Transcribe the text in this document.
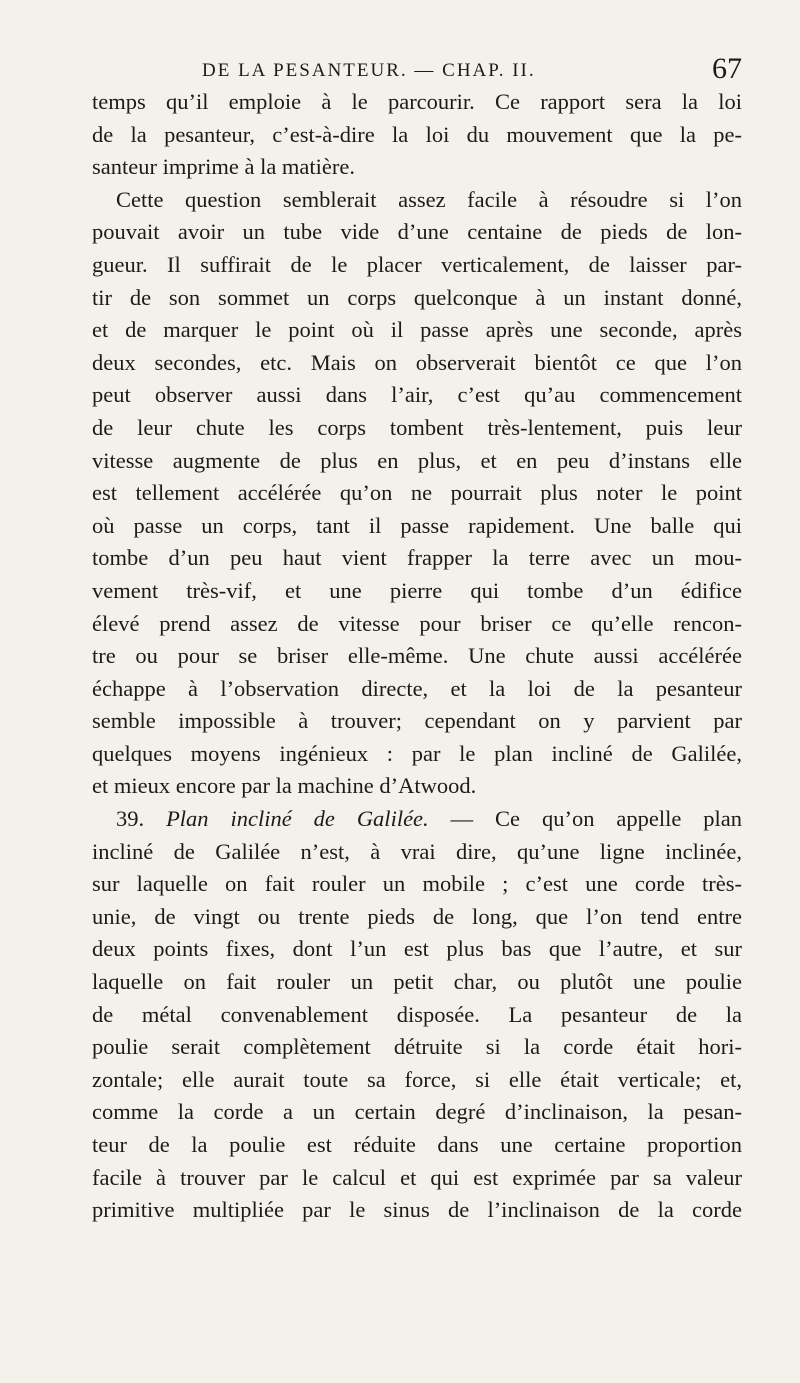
DE LA PESANTEUR. — CHAP. II.	67
temps qu’il emploie à le parcourir. Ce rapport sera la loi
de la pesanteur, c’est-à-dire la loi du mouvement que la pe-
santeur imprime à la matière.
Cette question semblerait assez facile à résoudre si l’on
pouvait avoir un tube vide d’une centaine de pieds de lon-
gueur. Il suffirait de le placer verticalement, de laisser par-
tir de son sommet un corps quelconque à un instant donné,
et de marquer le point où il passe après une seconde, après
deux secondes, etc. Mais on observerait bientôt ce que l’on
peut observer aussi dans l’air, c’est qu’au commencement
de leur chute les corps tombent très-lentement, puis leur
vitesse augmente de plus en plus, et en peu d’instans elle
est tellement accélérée qu’on ne pourrait plus noter le point
où passe un corps, tant il passe rapidement. Une balle qui
tombe d’un peu haut vient frapper la terre avec un mou-
vement très-vif, et une pierre qui tombe d’un édifice
élevé prend assez de vitesse pour briser ce qu’elle rencon-
tre ou pour se briser elle-même. Une chute aussi accélérée
échappe à l’observation directe, et la loi de la pesanteur
semble impossible à trouver; cependant on y parvient par
quelques moyens ingénieux : par le plan incliné de Galilée,
et mieux encore par la machine d’Atwood.
39. Plan incliné de Galilée. — Ce qu’on appelle plan
incliné de Galilée n’est, à vrai dire, qu’une ligne inclinée,
sur laquelle on fait rouler un mobile ; c’est une corde très-
unie, de vingt ou trente pieds de long, que l’on tend entre
deux points fixes, dont l’un est plus bas que l’autre, et sur
laquelle on fait rouler un petit char, ou plutôt une poulie
de métal convenablement disposée. La pesanteur de la
poulie serait complètement détruite si la corde était hori-
zontale; elle aurait toute sa force, si elle était verticale; et,
comme la corde a un certain degré d’inclinaison, la pesan-
teur de la poulie est réduite dans une certaine proportion
facile à trouver par le calcul et qui est exprimée par sa valeur
primitive multipliée par le sinus de l’inclinaison de la corde
